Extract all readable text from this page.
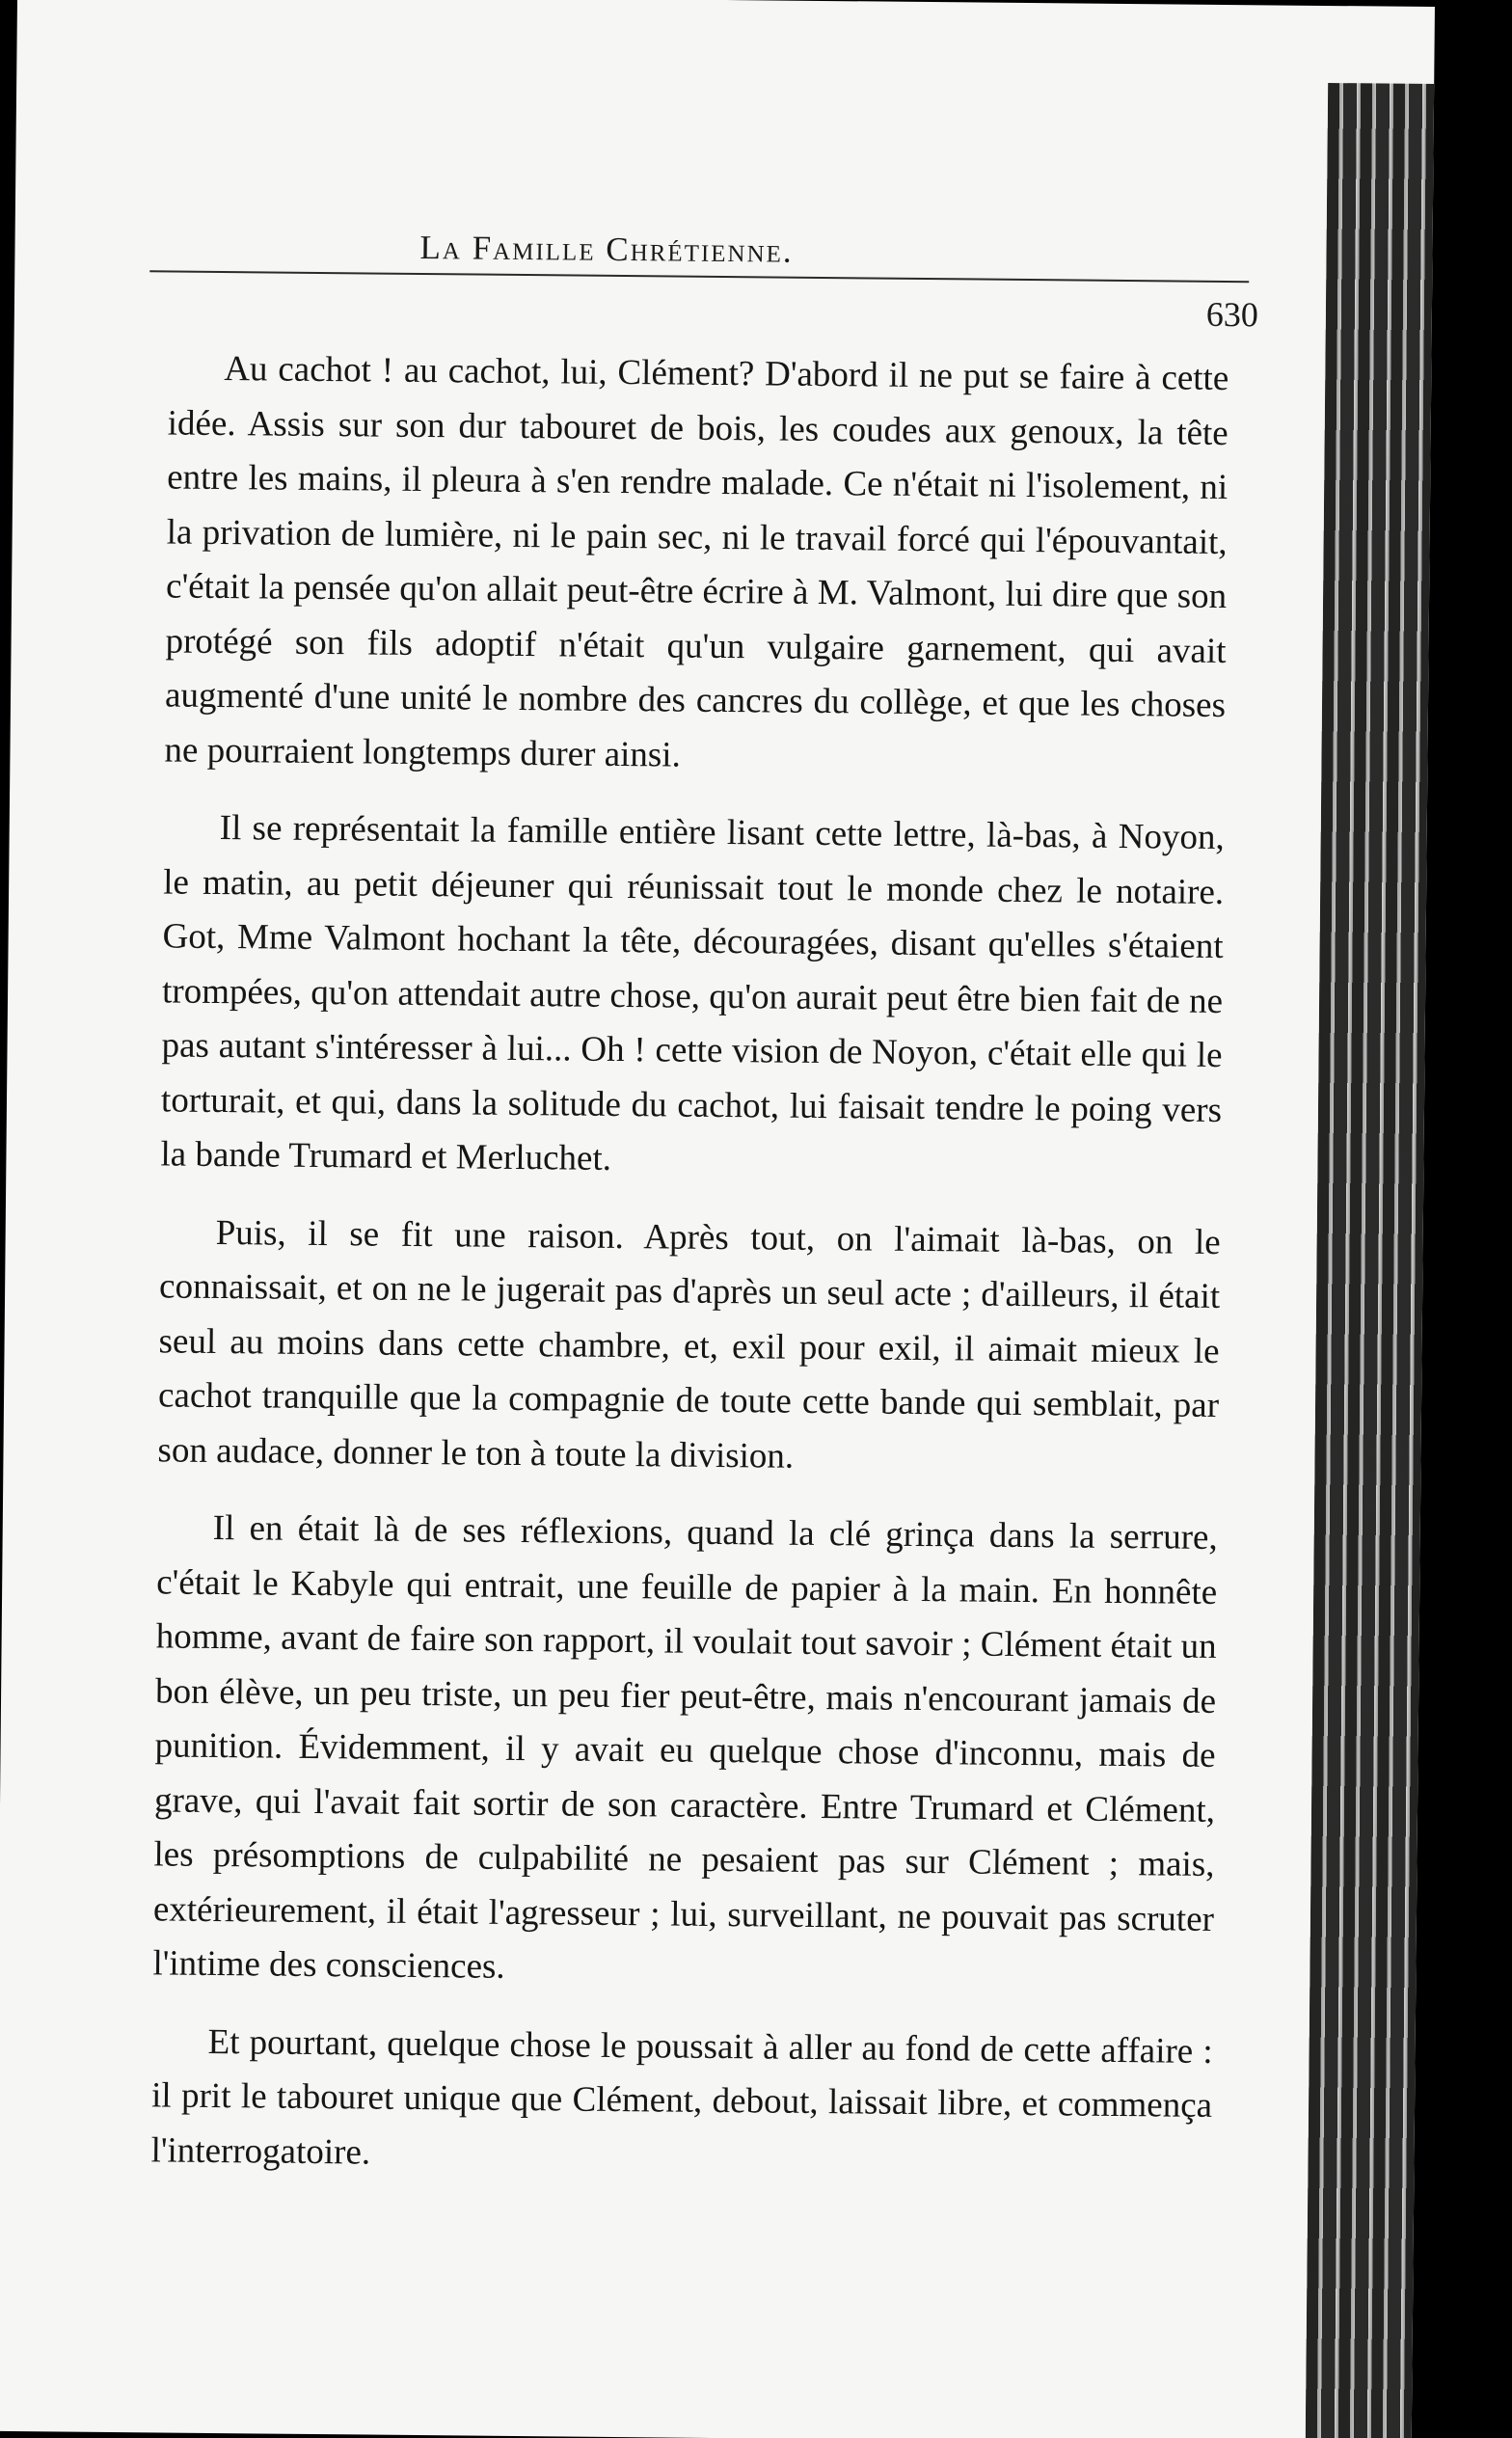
La Famille Chrétienne.
630

Au cachot ! au cachot, lui, Clément? D'abord il ne put se faire à cette idée. Assis sur son dur tabouret de bois, les coudes aux genoux, la tête entre les mains, il pleura à s'en rendre malade. Ce n'était ni l'isolement, ni la privation de lumière, ni le pain sec, ni le travail forcé qui l'épouvantait, c'était la pensée qu'on allait peut-être écrire à M. Valmont, lui dire que son protégé son fils adoptif n'était qu'un vulgaire garnement, qui avait augmenté d'une unité le nombre des cancres du collège, et que les choses ne pourraient longtemps durer ainsi.

Il se représentait la famille entière lisant cette lettre, là-bas, à Noyon, le matin, au petit déjeuner qui réunissait tout le monde chez le notaire. Got, Mme Valmont hochant la tête, découragées, disant qu'elles s'étaient trompées, qu'on attendait autre chose, qu'on aurait peut être bien fait de ne pas autant s'intéresser à lui... Oh ! cette vision de Noyon, c'était elle qui le torturait, et qui, dans la solitude du cachot, lui faisait tendre le poing vers la bande Trumard et Merluchet.

Puis, il se fit une raison. Après tout, on l'aimait là-bas, on le connaissait, et on ne le jugerait pas d'après un seul acte ; d'ailleurs, il était seul au moins dans cette chambre, et, exil pour exil, il aimait mieux le cachot tranquille que la compagnie de toute cette bande qui semblait, par son audace, donner le ton à toute la division.

Il en était là de ses réflexions, quand la clé grinça dans la serrure, c'était le Kabyle qui entrait, une feuille de papier à la main. En honnête homme, avant de faire son rapport, il voulait tout savoir ; Clément était un bon élève, un peu triste, un peu fier peut-être, mais n'encourant jamais de punition. Évidemment, il y avait eu quelque chose d'inconnu, mais de grave, qui l'avait fait sortir de son caractère. Entre Trumard et Clément, les présomptions de culpabilité ne pesaient pas sur Clément ; mais, extérieurement, il était l'agresseur ; lui, surveillant, ne pouvait pas scruter l'intime des consciences.

Et pourtant, quelque chose le poussait à aller au fond de cette affaire : il prit le tabouret unique que Clément, debout, laissait libre, et commença l'interrogatoire.
